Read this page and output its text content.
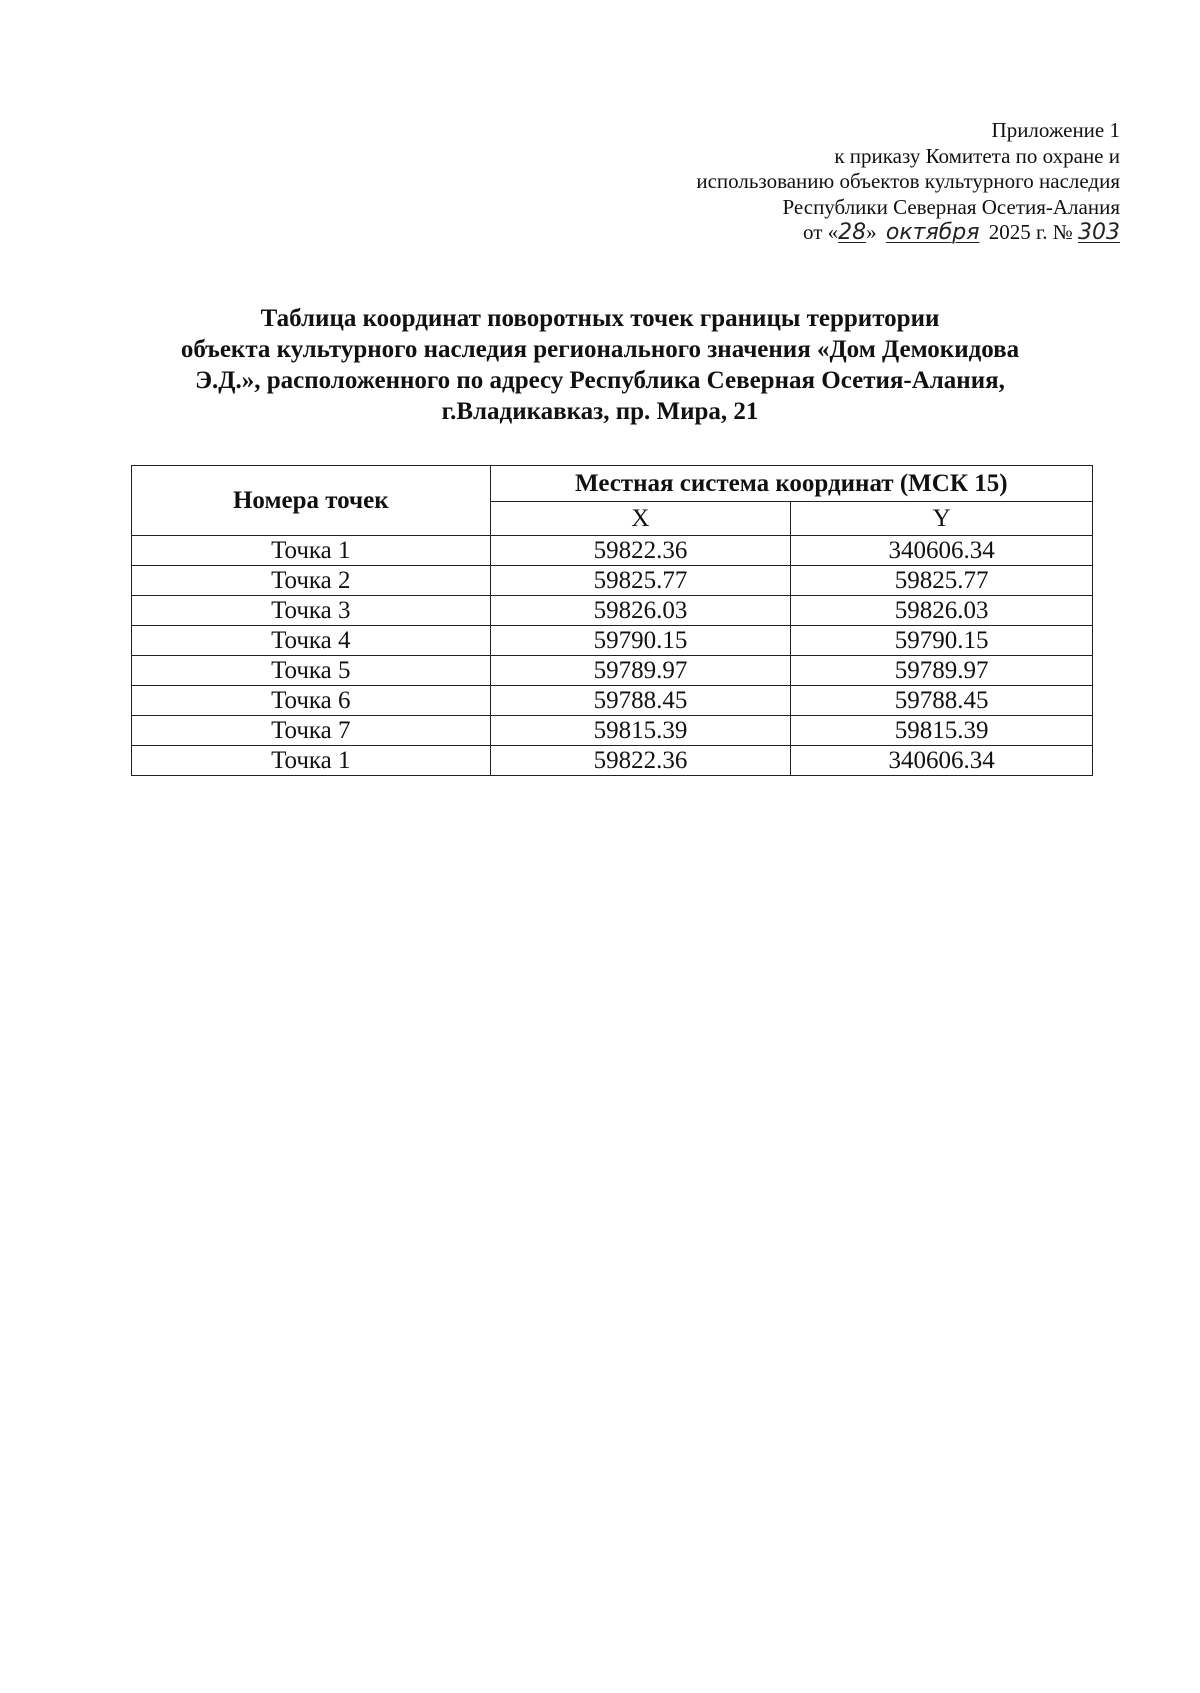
Приложение 1
к приказу Комитета по охране и
использованию объектов культурного наследия
Республики Северная Осетия-Алания
от «28» октября 2025 г. № 303
Таблица координат поворотных точек границы территории
объекта культурного наследия регионального значения «Дом Демокидова
Э.Д.», расположенного по адресу Республика Северная Осетия-Алания,
г.Владикавказ, пр. Мира, 21
Номера точек	Местная система координат (МСК 15)	
	X	Y
Точка 1	59822.36	340606.34
Точка 2	59825.77	59825.77
Точка 3	59826.03	59826.03
Точка 4	59790.15	59790.15
Точка 5	59789.97	59789.97
Точка 6	59788.45	59788.45
Точка 7	59815.39	59815.39
Точка 1	59822.36	340606.34
